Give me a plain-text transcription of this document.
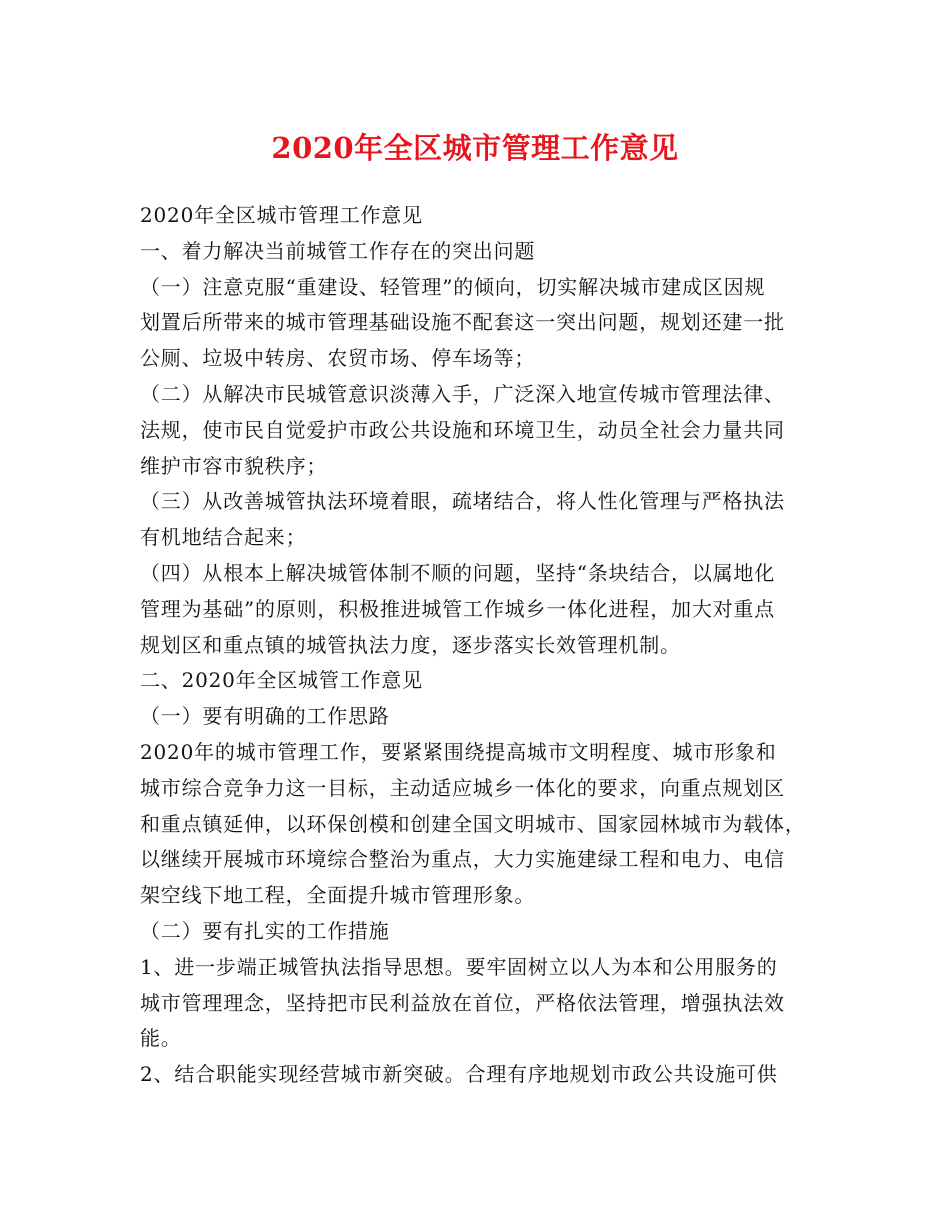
2020年全区城市管理工作意见

2020年全区城市管理工作意见

一、着力解决当前城管工作存在的突出问题

（一）注意克服“重建设、轻管理”的倾向，切实解决城市建成区因规

划置后所带来的城市管理基础设施不配套这一突出问题，规划还建一批

公厕、垃圾中转房、农贸市场、停车场等；

（二）从解决市民城管意识淡薄入手，广泛深入地宣传城市管理法律、

法规，使市民自觉爱护市政公共设施和环境卫生，动员全社会力量共同

维护市容市貌秩序；

（三）从改善城管执法环境着眼，疏堵结合，将人性化管理与严格执法

有机地结合起来；

（四）从根本上解决城管体制不顺的问题，坚持“条块结合，以属地化

管理为基础”的原则，积极推进城管工作城乡一体化进程，加大对重点

规划区和重点镇的城管执法力度，逐步落实长效管理机制。

二、2020年全区城管工作意见

（一）要有明确的工作思路

2020年的城市管理工作，要紧紧围绕提高城市文明程度、城市形象和

城市综合竞争力这一目标，主动适应城乡一体化的要求，向重点规划区

和重点镇延伸，以环保创模和创建全国文明城市、国家园林城市为载体，

以继续开展城市环境综合整治为重点，大力实施建绿工程和电力、电信

架空线下地工程，全面提升城市管理形象。

（二）要有扎实的工作措施

1、进一步端正城管执法指导思想。要牢固树立以人为本和公用服务的

城市管理理念，坚持把市民利益放在首位，严格依法管理，增强执法效

能。

2、结合职能实现经营城市新突破。合理有序地规划市政公共设施可供
